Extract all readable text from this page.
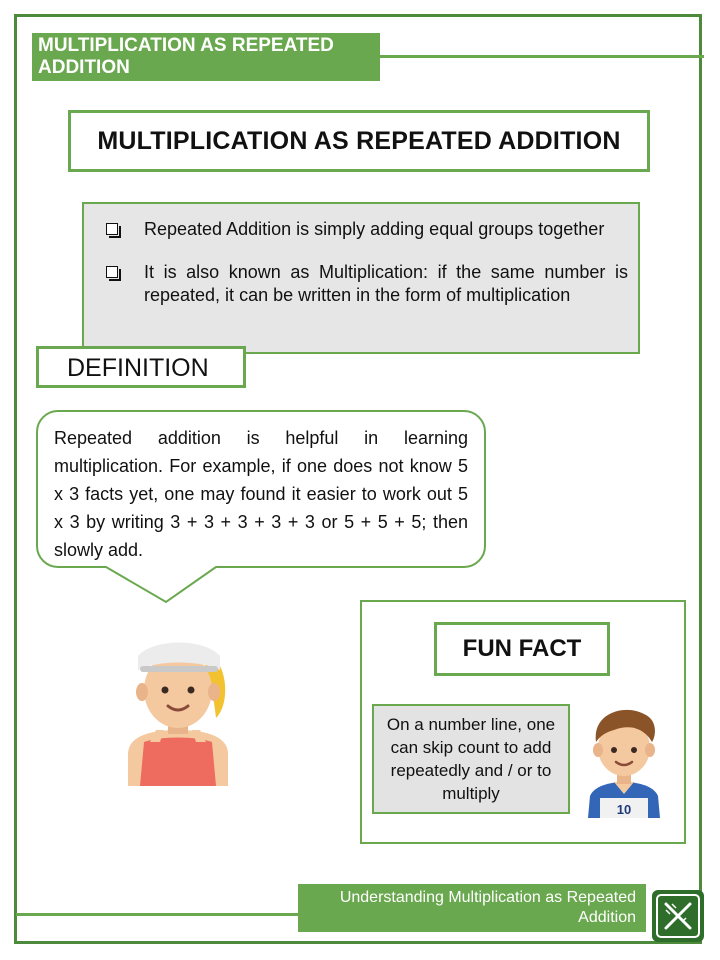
MULTIPLICATION AS REPEATED ADDITION
MULTIPLICATION AS REPEATED ADDITION
Repeated Addition is simply adding equal groups together
It is also known as Multiplication: if the same number is repeated, it can be written in the form of multiplication
DEFINITION
Repeated addition is helpful in learning multiplication. For example, if one does not know 5 x 3 facts yet, one may found it easier to work out 5 x 3 by writing 3 + 3 + 3 + 3 + 3 or 5 + 5 + 5; then slowly add.
FUN FACT
On a number line, one can skip count to add repeatedly and / or to multiply
10
Understanding Multiplication as Repeated Addition
